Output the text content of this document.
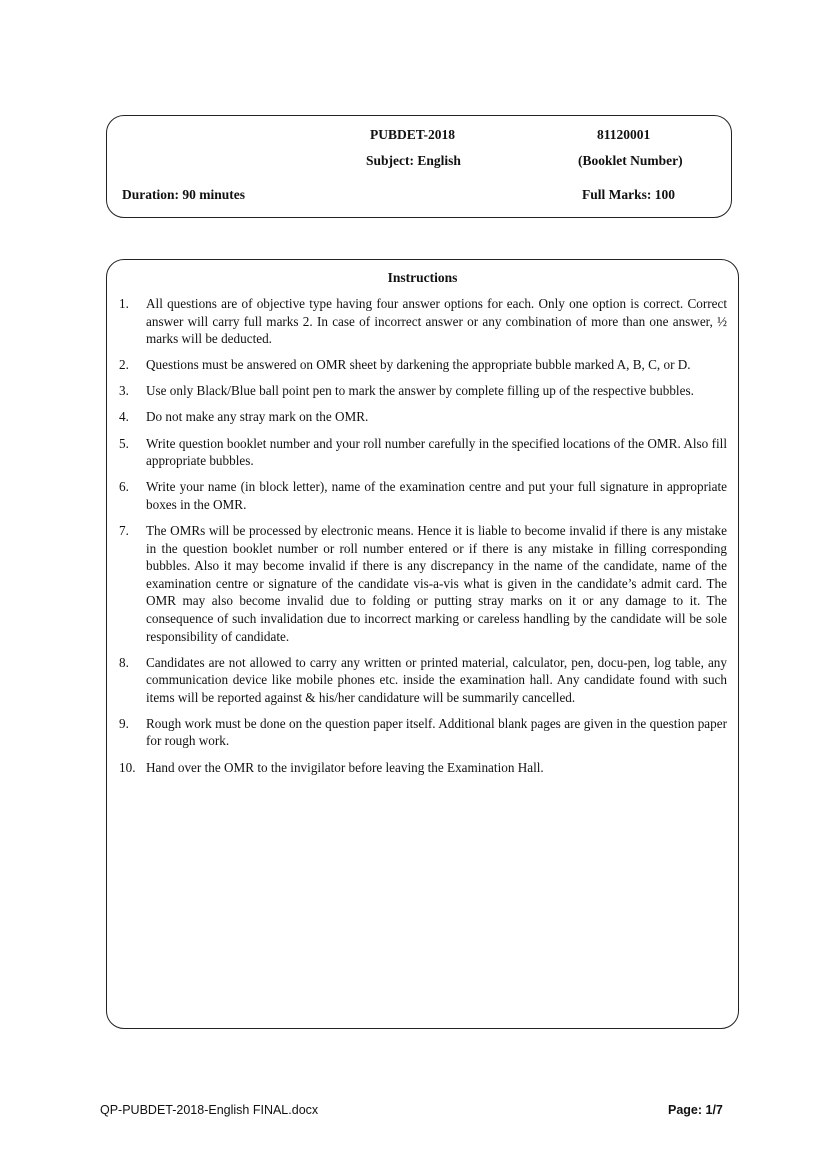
PUBDET-2018	81120001
Subject: English	(Booklet Number)
Duration: 90 minutes	Full Marks: 100
Instructions
1. All questions are of objective type having four answer options for each. Only one option is correct. Correct answer will carry full marks 2. In case of incorrect answer or any combination of more than one answer, ½ marks will be deducted.
2. Questions must be answered on OMR sheet by darkening the appropriate bubble marked A, B, C, or D.
3. Use only Black/Blue ball point pen to mark the answer by complete filling up of the respective bubbles.
4. Do not make any stray mark on the OMR.
5. Write question booklet number and your roll number carefully in the specified locations of the OMR. Also fill appropriate bubbles.
6. Write your name (in block letter), name of the examination centre and put your full signature in appropriate boxes in the OMR.
7. The OMRs will be processed by electronic means. Hence it is liable to become invalid if there is any mistake in the question booklet number or roll number entered or if there is any mistake in filling corresponding bubbles. Also it may become invalid if there is any discrepancy in the name of the candidate, name of the examination centre or signature of the candidate vis-a-vis what is given in the candidate’s admit card. The OMR may also become invalid due to folding or putting stray marks on it or any damage to it. The consequence of such invalidation due to incorrect marking or careless handling by the candidate will be sole responsibility of candidate.
8. Candidates are not allowed to carry any written or printed material, calculator, pen, docu-pen, log table, any communication device like mobile phones etc. inside the examination hall. Any candidate found with such items will be reported against & his/her candidature will be summarily cancelled.
9. Rough work must be done on the question paper itself. Additional blank pages are given in the question paper for rough work.
10. Hand over the OMR to the invigilator before leaving the Examination Hall.
QP-PUBDET-2018-English FINAL.docx	Page: 1/7
